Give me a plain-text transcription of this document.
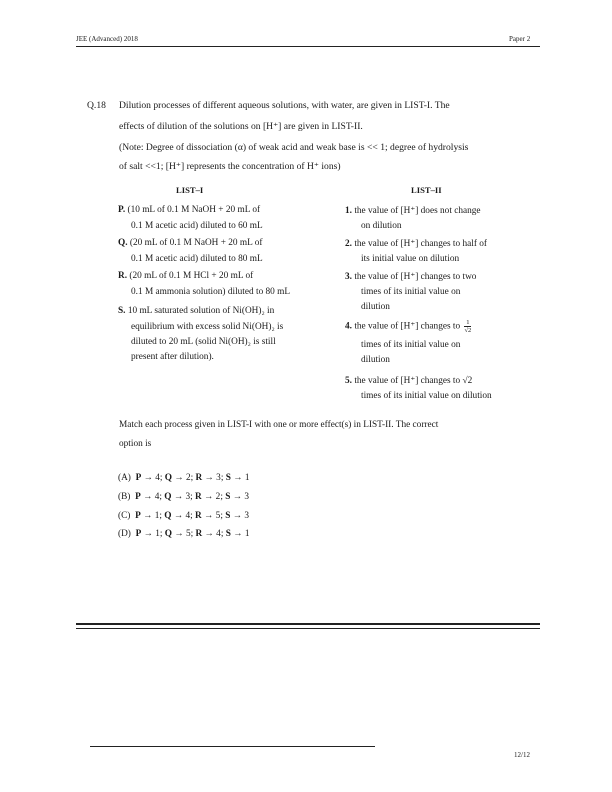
JEE (Advanced) 2018	Paper 2
Q.18 Dilution processes of different aqueous solutions, with water, are given in LIST-I. The
effects of dilution of the solutions on [H⁺] are given in LIST-II.
(Note: Degree of dissociation (α) of weak acid and weak base is << 1; degree of hydrolysis
of salt <<1; [H⁺] represents the concentration of H⁺ ions)
LIST–I	LIST–II
P. (10 mL of 0.1 M NaOH + 20 mL of
0.1 M acetic acid) diluted to 60 mL
Q. (20 mL of 0.1 M NaOH + 20 mL of
0.1 M acetic acid) diluted to 80 mL
R. (20 mL of 0.1 M HCl + 20 mL of
0.1 M ammonia solution) diluted to 80 mL
S. 10 mL saturated solution of Ni(OH)₂ in
equilibrium with excess solid Ni(OH)₂ is
diluted to 20 mL (solid Ni(OH)₂ is still
present after dilution).
1. the value of [H⁺] does not change
on dilution
2. the value of [H⁺] changes to half of
its initial value on dilution
3. the value of [H⁺] changes to two
times of its initial value on
dilution
4. the value of [H⁺] changes to $\frac{1}{√2}$
times of its initial value on
dilution
5. the value of [H⁺] changes to √2
times of its initial value on dilution
Match each process given in LIST-I with one or more effect(s) in LIST-II. The correct
option is
(A) P → 4; Q → 2; R → 3; S → 1
(B) P → 4; Q → 3; R → 2; S → 3
(C) P → 1; Q → 4; R → 5; S → 3
(D) P → 1; Q → 5; R → 4; S → 1
12/12
